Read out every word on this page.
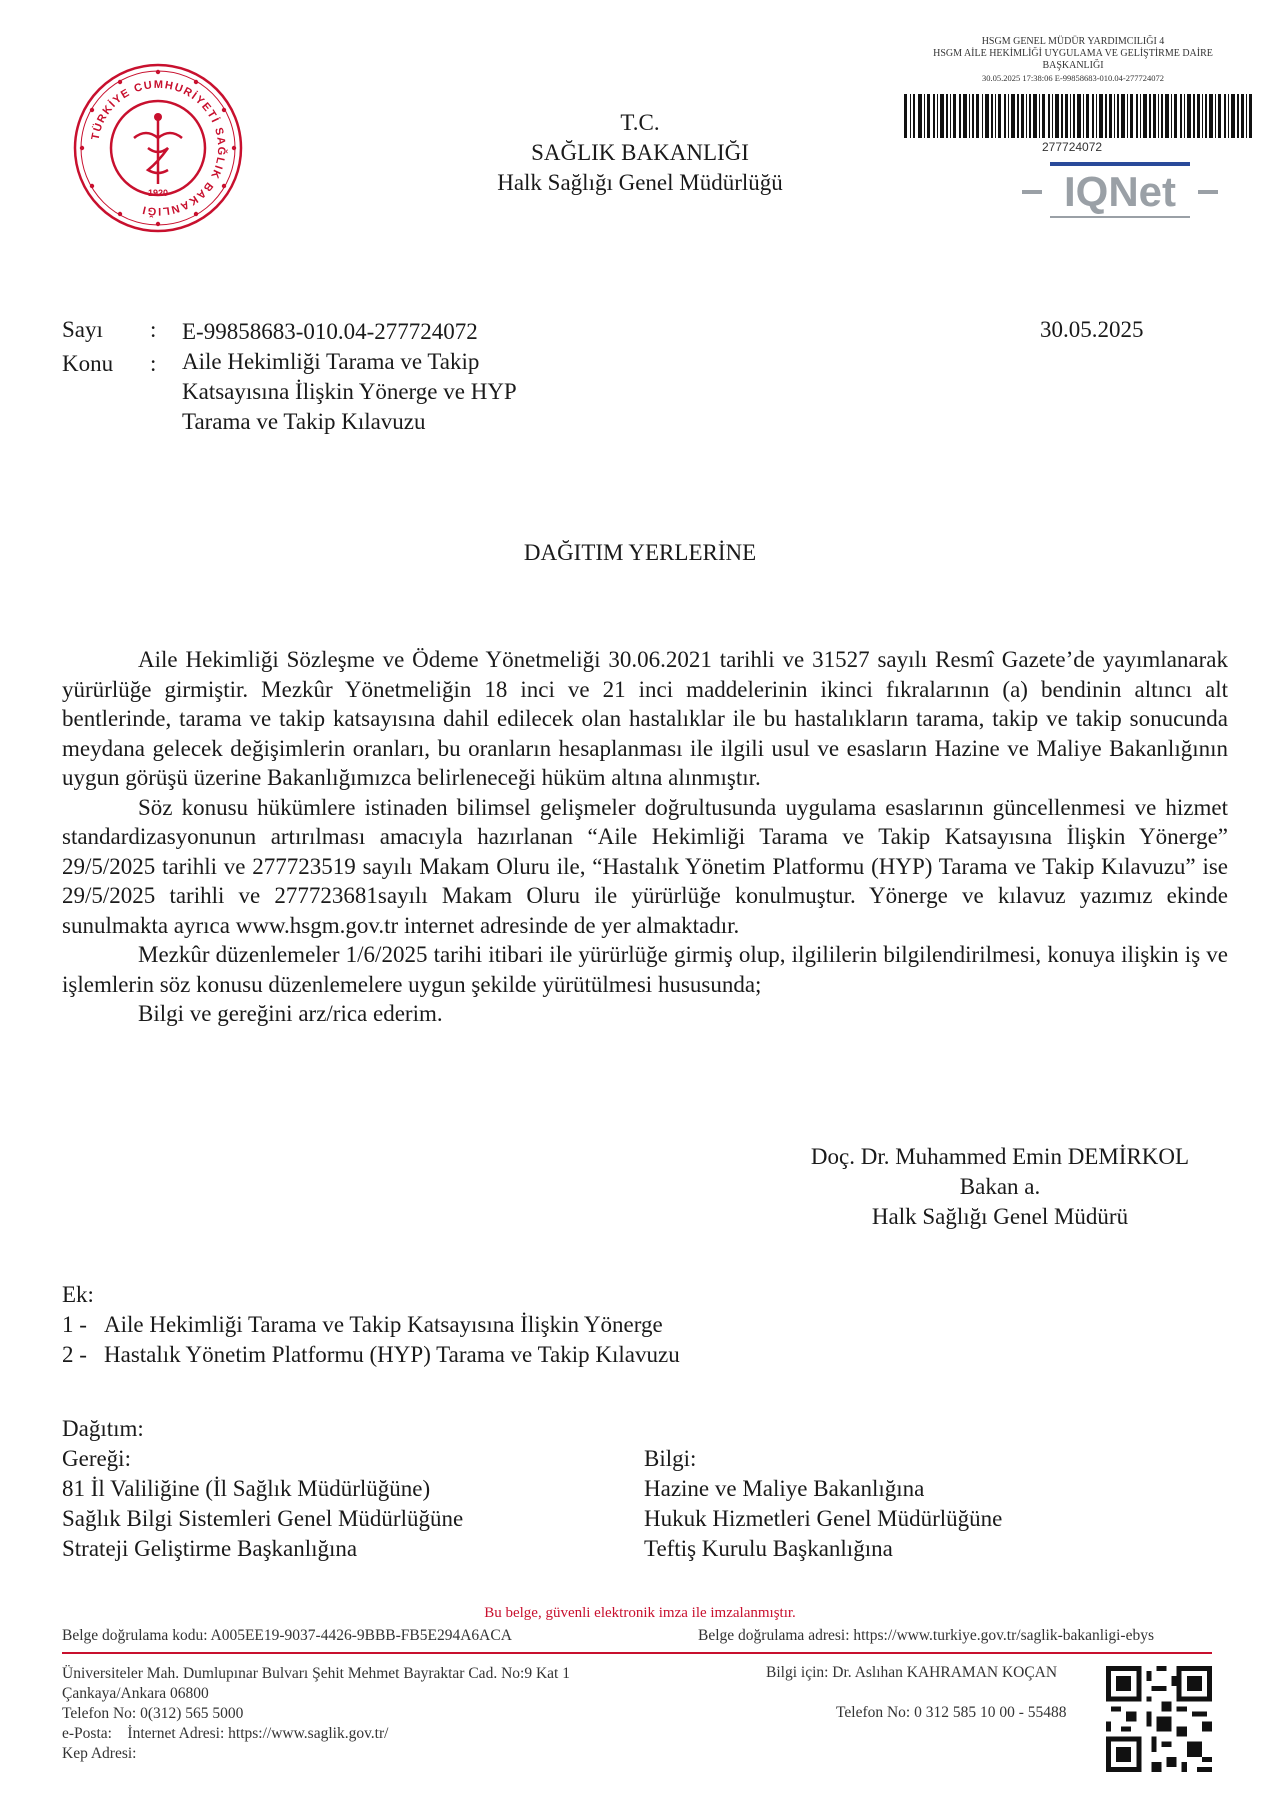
TÜRKİYE CUMHURİYETİ SAĞLIK BAKANLIĞI
1920
T.C.
SAĞLIK BAKANLIĞI
Halk Sağlığı Genel Müdürlüğü
HSGM GENEL MÜDÜR YARDIMCILIĞI 4
HSGM AİLE HEKİMLİĞİ UYGULAMA VE GELİŞTİRME DAİRE
BAŞKANLIĞI
30.05.2025 17:38:06 E-99858683-010.04-277724072
277724072
IQNet
Sayı	: E-99858683-010.04-277724072	30.05.2025
Konu	: Aile Hekimliği Tarama ve Takip
Katsayısına İlişkin Yönerge ve HYP
Tarama ve Takip Kılavuzu
DAĞITIM YERLERİNE

Aile Hekimliği Sözleşme ve Ödeme Yönetmeliği 30.06.2021 tarihli ve 31527 sayılı Resmî Gazete’de yayımlanarak yürürlüğe girmiştir. Mezkûr Yönetmeliğin 18 inci ve 21 inci maddelerinin ikinci fıkralarının (a) bendinin altıncı alt bentlerinde, tarama ve takip katsayısına dahil edilecek olan hastalıklar ile bu hastalıkların tarama, takip ve takip sonucunda meydana gelecek değişimlerin oranları, bu oranların hesaplanması ile ilgili usul ve esasların Hazine ve Maliye Bakanlığının uygun görüşü üzerine Bakanlığımızca belirleneceği hüküm altına alınmıştır.

Söz konusu hükümlere istinaden bilimsel gelişmeler doğrultusunda uygulama esaslarının güncellenmesi ve hizmet standardizasyonunun artırılması amacıyla hazırlanan “Aile Hekimliği Tarama ve Takip Katsayısına İlişkin Yönerge” 29/5/2025 tarihli ve 277723519 sayılı Makam Oluru ile, “Hastalık Yönetim Platformu (HYP) Tarama ve Takip Kılavuzu” ise 29/5/2025 tarihli ve 277723681sayılı Makam Oluru ile yürürlüğe konulmuştur. Yönerge ve kılavuz yazımız ekinde sunulmakta ayrıca www.hsgm.gov.tr internet adresinde de yer almaktadır.

Mezkûr düzenlemeler 1/6/2025 tarihi itibari ile yürürlüğe girmiş olup, ilgililerin bilgilendirilmesi, konuya ilişkin iş ve işlemlerin söz konusu düzenlemelere uygun şekilde yürütülmesi hususunda;

Bilgi ve gereğini arz/rica ederim.

Doç. Dr. Muhammed Emin DEMİRKOL
Bakan a.
Halk Sağlığı Genel Müdürü
Ek:
1 - Aile Hekimliği Tarama ve Takip Katsayısına İlişkin Yönerge
2 - Hastalık Yönetim Platformu (HYP) Tarama ve Takip Kılavuzu
Dağıtım:
Gereği:
81 İl Valiliğine (İl Sağlık Müdürlüğüne)
Sağlık Bilgi Sistemleri Genel Müdürlüğüne
Strateji Geliştirme Başkanlığına
Bilgi:
Hazine ve Maliye Bakanlığına
Hukuk Hizmetleri Genel Müdürlüğüne
Teftiş Kurulu Başkanlığına
Bu belge, güvenli elektronik imza ile imzalanmıştır.
Belge doğrulama kodu: A005EE19-9037-4426-9BBB-FB5E294A6ACA	Belge doğrulama adresi: https://www.turkiye.gov.tr/saglik-bakanligi-ebys
Üniversiteler Mah. Dumlupınar Bulvarı Şehit Mehmet Bayraktar Cad. No:9 Kat 1
Çankaya/Ankara 06800
Telefon No: 0(312) 565 5000
e-Posta:    İnternet Adresi: https://www.saglik.gov.tr/
Kep Adresi:
Bilgi için: Dr. Aslıhan KAHRAMAN KOÇAN
Telefon No: 0 312 585 10 00 - 55488
